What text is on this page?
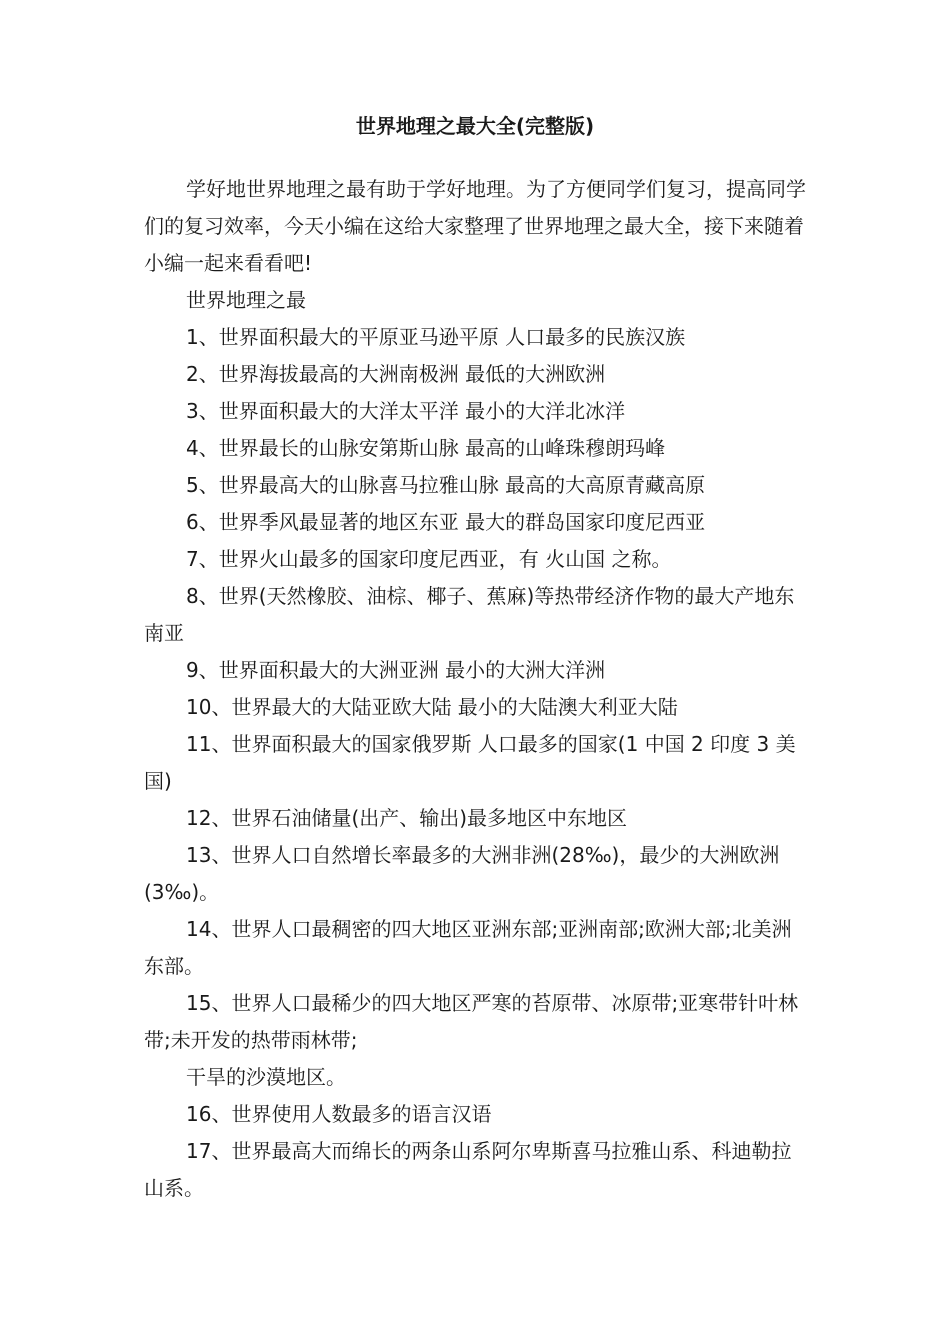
世界地理之最大全(完整版)

学好地世界地理之最有助于学好地理。为了方便同学们复习，提高同学们的复习效率，今天小编在这给大家整理了世界地理之最大全，接下来随着小编一起来看看吧!

世界地理之最

1、世界面积最大的平原亚马逊平原 人口最多的民族汉族

2、世界海拔最高的大洲南极洲 最低的大洲欧洲

3、世界面积最大的大洋太平洋 最小的大洋北冰洋

4、世界最长的山脉安第斯山脉 最高的山峰珠穆朗玛峰

5、世界最高大的山脉喜马拉雅山脉 最高的大高原青藏高原

6、世界季风最显著的地区东亚 最大的群岛国家印度尼西亚

7、世界火山最多的国家印度尼西亚，有 火山国 之称。

8、世界(天然橡胶、油棕、椰子、蕉麻)等热带经济作物的最大产地东南亚

9、世界面积最大的大洲亚洲 最小的大洲大洋洲

10、世界最大的大陆亚欧大陆 最小的大陆澳大利亚大陆

11、世界面积最大的国家俄罗斯 人口最多的国家(1 中国 2 印度 3 美国)

12、世界石油储量(出产、输出)最多地区中东地区

13、世界人口自然增长率最多的大洲非洲(28‰)，最少的大洲欧洲(3‰)。

14、世界人口最稠密的四大地区亚洲东部;亚洲南部;欧洲大部;北美洲东部。

15、世界人口最稀少的四大地区严寒的苔原带、冰原带;亚寒带针叶林带;未开发的热带雨林带;

干旱的沙漠地区。

16、世界使用人数最多的语言汉语

17、世界最高大而绵长的两条山系阿尔卑斯喜马拉雅山系、科迪勒拉山系。
